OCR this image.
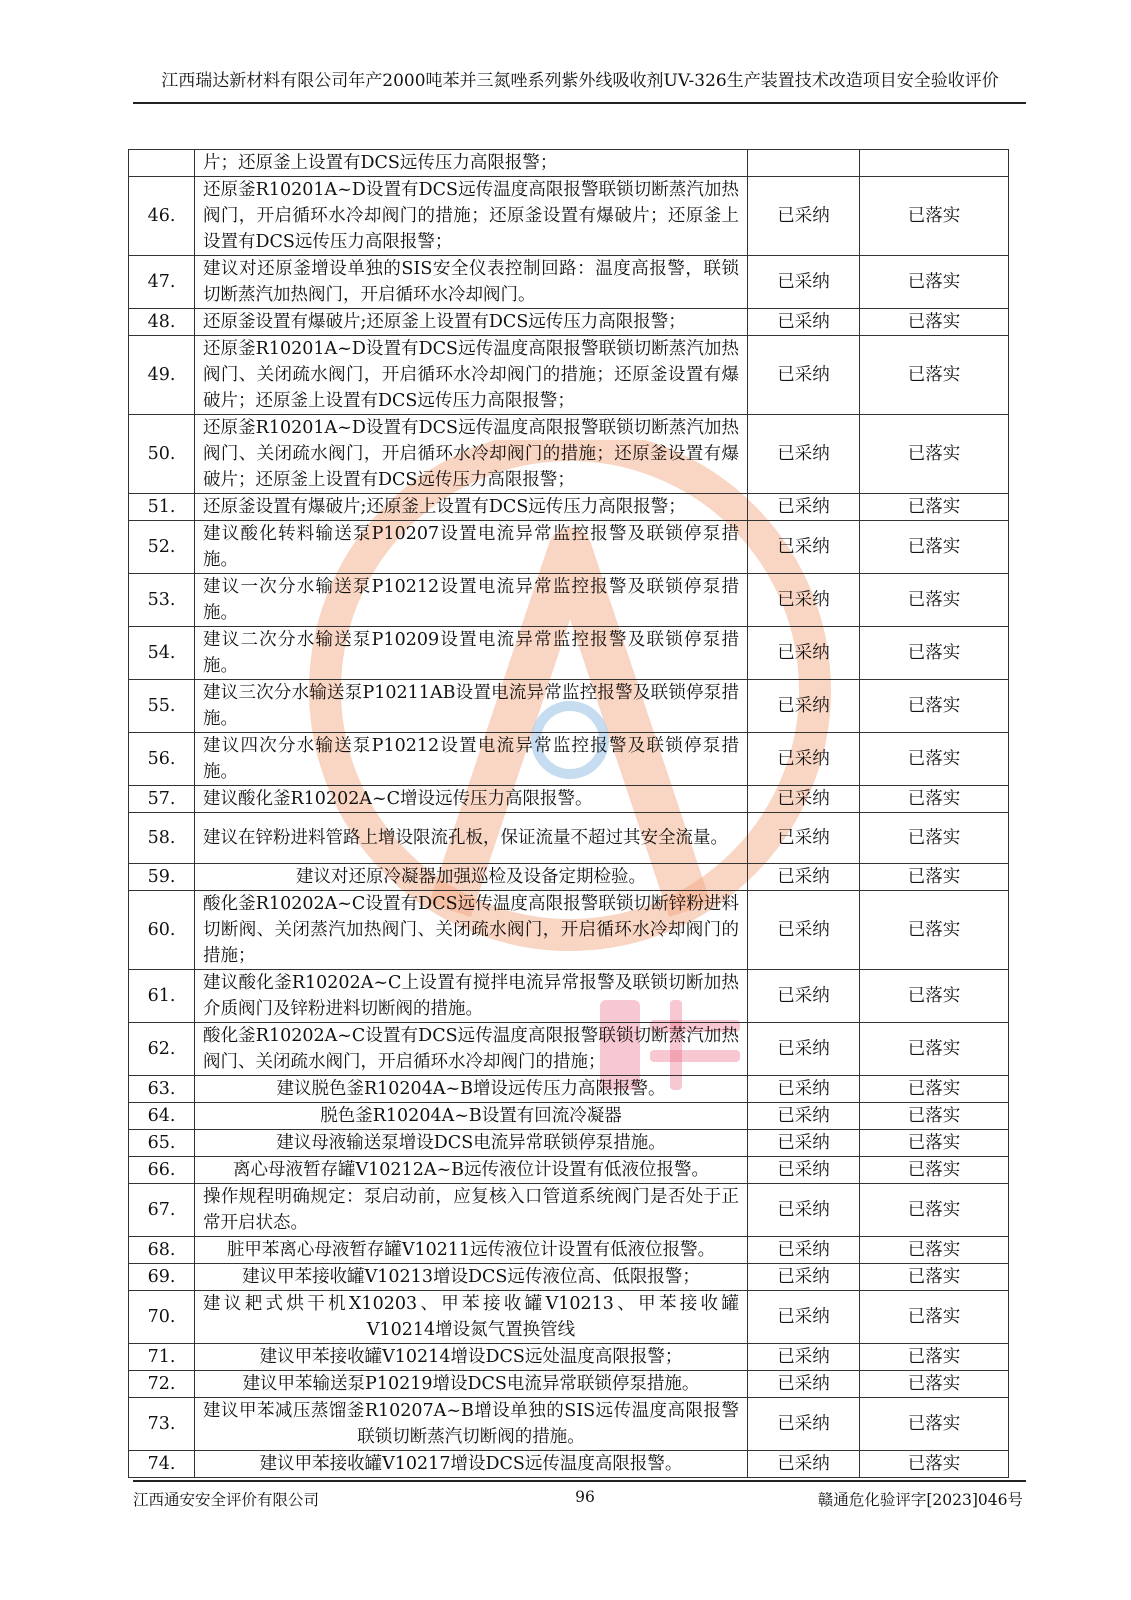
江西瑞达新材料有限公司年产2000吨苯并三氮唑系列紫外线吸收剂UV-326生产装置技术改造项目安全验收评价
	片；还原釜上设置有DCS远传压力高限报警；		
46.	还原釜R10201A~D设置有DCS远传温度高限报警联锁切断蒸汽加热阀门，开启循环水冷却阀门的措施；还原釜设置有爆破片；还原釜上设置有DCS远传压力高限报警；	已采纳	已落实
47.	建议对还原釜增设单独的SIS安全仪表控制回路：温度高报警，联锁切断蒸汽加热阀门，开启循环水冷却阀门。	已采纳	已落实
48.	还原釜设置有爆破片;还原釜上设置有DCS远传压力高限报警；	已采纳	已落实
49.	还原釜R10201A~D设置有DCS远传温度高限报警联锁切断蒸汽加热阀门、关闭疏水阀门，开启循环水冷却阀门的措施；还原釜设置有爆破片；还原釜上设置有DCS远传压力高限报警；	已采纳	已落实
50.	还原釜R10201A~D设置有DCS远传温度高限报警联锁切断蒸汽加热阀门、关闭疏水阀门，开启循环水冷却阀门的措施；还原釜设置有爆破片；还原釜上设置有DCS远传压力高限报警；	已采纳	已落实
51.	还原釜设置有爆破片;还原釜上设置有DCS远传压力高限报警；	已采纳	已落实
52.	建议酸化转料输送泵P10207设置电流异常监控报警及联锁停泵措施。	已采纳	已落实
53.	建议一次分水输送泵P10212设置电流异常监控报警及联锁停泵措施。	已采纳	已落实
54.	建议二次分水输送泵P10209设置电流异常监控报警及联锁停泵措施。	已采纳	已落实
55.	建议三次分水输送泵P10211AB设置电流异常监控报警及联锁停泵措施。	已采纳	已落实
56.	建议四次分水输送泵P10212设置电流异常监控报警及联锁停泵措施。	已采纳	已落实
57.	建议酸化釜R10202A~C增设远传压力高限报警。	已采纳	已落实
58.	建议在锌粉进料管路上增设限流孔板，保证流量不超过其安全流量。	已采纳	已落实
59.	建议对还原冷凝器加强巡检及设备定期检验。	已采纳	已落实
60.	酸化釜R10202A~C设置有DCS远传温度高限报警联锁切断锌粉进料切断阀、关闭蒸汽加热阀门、关闭疏水阀门，开启循环水冷却阀门的措施；	已采纳	已落实
61.	建议酸化釜R10202A~C上设置有搅拌电流异常报警及联锁切断加热介质阀门及锌粉进料切断阀的措施。	已采纳	已落实
62.	酸化釜R10202A~C设置有DCS远传温度高限报警联锁切断蒸汽加热阀门、关闭疏水阀门，开启循环水冷却阀门的措施；	已采纳	已落实
63.	建议脱色釜R10204A~B增设远传压力高限报警。	已采纳	已落实
64.	脱色釜R10204A~B设置有回流冷凝器	已采纳	已落实
65.	建议母液输送泵增设DCS电流异常联锁停泵措施。	已采纳	已落实
66.	离心母液暂存罐V10212A~B远传液位计设置有低液位报警。	已采纳	已落实
67.	操作规程明确规定：泵启动前，应复核入口管道系统阀门是否处于正常开启状态。	已采纳	已落实
68.	脏甲苯离心母液暂存罐V10211远传液位计设置有低液位报警。	已采纳	已落实
69.	建议甲苯接收罐V10213增设DCS远传液位高、低限报警；	已采纳	已落实
70.	建议耙式烘干机X10203、甲苯接收罐V10213、甲苯接收罐V10214增设氮气置换管线	已采纳	已落实
71.	建议甲苯接收罐V10214增设DCS远处温度高限报警；	已采纳	已落实
72.	建议甲苯输送泵P10219增设DCS电流异常联锁停泵措施。	已采纳	已落实
73.	建议甲苯减压蒸馏釜R10207A~B增设单独的SIS远传温度高限报警联锁切断蒸汽切断阀的措施。	已采纳	已落实
74.	建议甲苯接收罐V10217增设DCS远传温度高限报警。	已采纳	已落实
江西通安安全评价有限公司	96	赣通危化验评字[2023]046号
